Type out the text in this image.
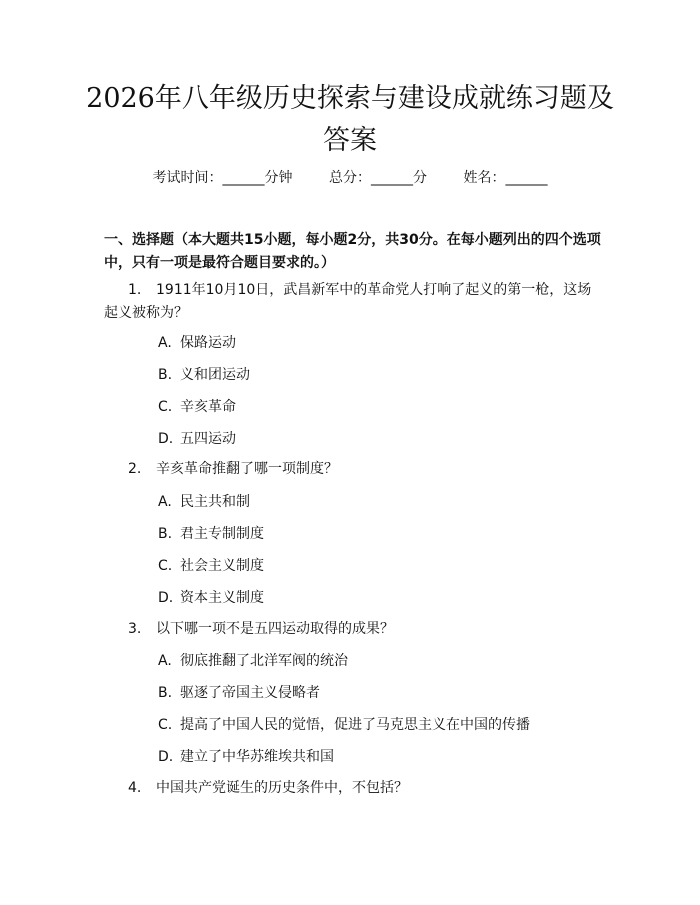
2026年八年级历史探索与建设成就练习题及
答案
考试时间：______分钟	总分：______分	姓名：______
一、选择题（本大题共15小题，每小题2分，共30分。在每小题列出的四个选项中，只有一项是最符合题目要求的。）
1. 1911年10月10日，武昌新军中的革命党人打响了起义的第一枪，这场起义被称为？
A. 保路运动
B. 义和团运动
C. 辛亥革命
D. 五四运动
2. 辛亥革命推翻了哪一项制度？
A. 民主共和制
B. 君主专制制度
C. 社会主义制度
D. 资本主义制度
3. 以下哪一项不是五四运动取得的成果？
A. 彻底推翻了北洋军阀的统治
B. 驱逐了帝国主义侵略者
C. 提高了中国人民的觉悟，促进了马克思主义在中国的传播
D. 建立了中华苏维埃共和国
4. 中国共产党诞生的历史条件中，不包括？
